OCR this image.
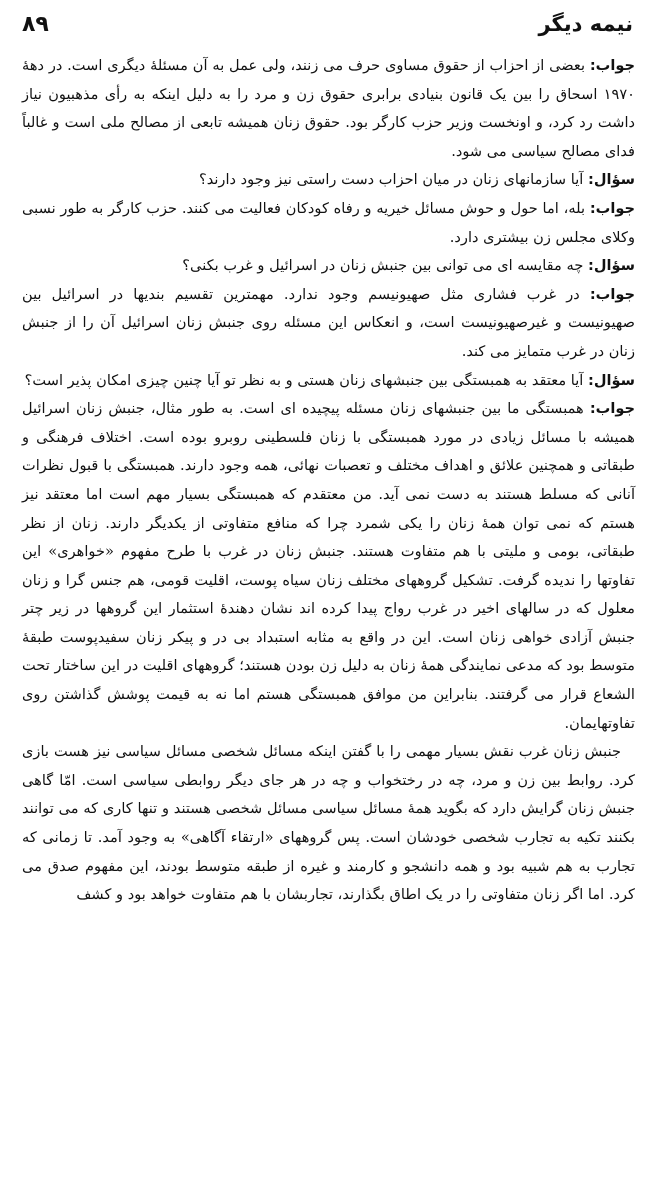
۸۹	نیمه دیگر

جواب: بعضی از احزاب از حقوق مساوی حرف می زنند، ولی عمل به آن مسئلهٔ دیگری است. در دههٔ ۱۹۷۰ اسحاق را بین یک قانون بنیادی برابری حقوق زن و مرد را به دلیل اینکه به رأی مذهبیون نیاز داشت رد کرد، و اونخست وزیر حزب کارگر بود. حقوق زنان همیشه تابعی از مصالح ملی است و غالباً فدای مصالح سیاسی می شود.

سؤال: آیا سازمانهای زنان در میان احزاب دست راستی نیز وجود دارند؟

جواب: بله، اما حول و حوش مسائل خیریه و رفاه کودکان فعالیت می کنند. حزب کارگر به طور نسبی وکلای مجلس زن بیشتری دارد.

سؤال: چه مقایسه ای می توانی بین جنبش زنان در اسرائیل و غرب بکنی؟

جواب: در غرب فشاری مثل صهیونیسم وجود ندارد. مهمترین تقسیم بندیها در اسرائیل بین صهیونیست و غیرصهیونیست است، و انعکاس این مسئله روی جنبش زنان اسرائیل آن را از جنبش زنان در غرب متمایز می کند.

سؤال: آیا معتقد به همبستگی بین جنبشهای زنان هستی و به نظر تو آیا چنین چیزی امکان پذیر است؟

جواب: همبستگی ما بین جنبشهای زنان مسئله پیچیده ای است. به طور مثال، جنبش زنان اسرائیل همیشه با مسائل زیادی در مورد همبستگی با زنان فلسطینی روبرو بوده است. اختلاف فرهنگی و طبقاتی و همچنین علائق و اهداف مختلف و تعصبات نهائی، همه وجود دارند. همبستگی با قبول نظرات آنانی که مسلط هستند به دست نمی آید. من معتقدم که همبستگی بسیار مهم است اما معتقد نیز هستم که نمی توان همهٔ زنان را یکی شمرد چرا که منافع متفاوتی از یکدیگر دارند. زنان از نظر طبقاتی، بومی و ملیتی با هم متفاوت هستند. جنبش زنان در غرب با طرح مفهوم «خواهری» این تفاوتها را ندیده گرفت. تشکیل گروههای مختلف زنان سیاه پوست، اقلیت قومی، هم جنس گرا و زنان معلول که در سالهای اخیر در غرب رواج پیدا کرده اند نشان دهندهٔ استثمار این گروهها در زیر چتر جنبش آزادی خواهی زنان است. این در واقع به مثابه استبداد بی در و پیکر زنان سفیدپوست طبقهٔ متوسط بود که مدعی نمایندگی همهٔ زنان به دلیل زن بودن هستند؛ گروههای اقلیت در این ساختار تحت الشعاع قرار می گرفتند. بنابراین من موافق همبستگی هستم اما نه به قیمت پوشش گذاشتن روی تفاوتهایمان.

جنبش زنان غرب نقش بسیار مهمی را با گفتن اینکه مسائل شخصی مسائل سیاسی نیز هست بازی کرد. روابط بین زن و مرد، چه در رختخواب و چه در هر جای دیگر روابطی سیاسی است. امّا گاهی جنبش زنان گرایش دارد که بگوید همهٔ مسائل سیاسی مسائل شخصی هستند و تنها کاری که می توانند بکنند تکیه به تجارب شخصی خودشان است. پس گروههای «ارتقاء آگاهی» به وجود آمد. تا زمانی که تجارب به هم شبیه بود و همه دانشجو و کارمند و غیره از طبقه متوسط بودند، این مفهوم صدق می کرد. اما اگر زنان متفاوتی را در یک اطاق بگذارند، تجاربشان با هم متفاوت خواهد بود و کشف
